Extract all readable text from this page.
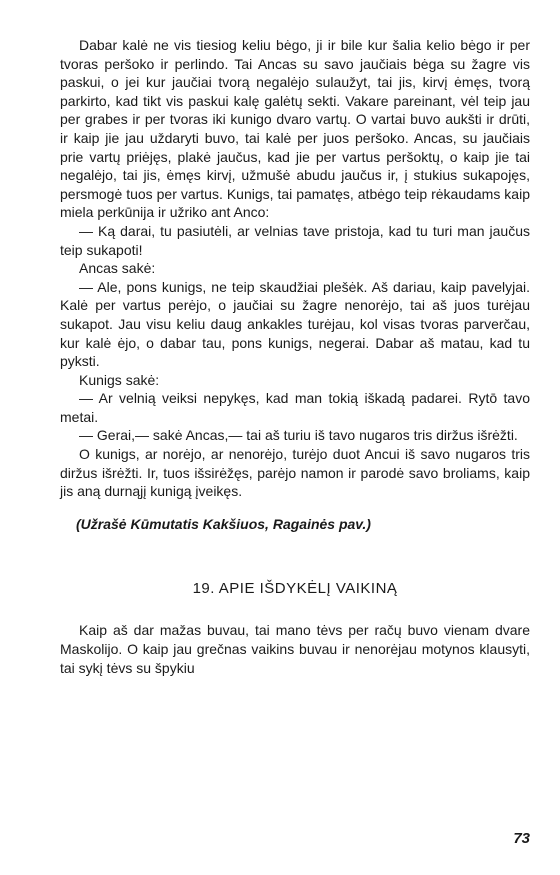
Dabar kalė ne vis tiesiog keliu bėgo, ji ir bile kur šalia kelio bėgo ir per tvoras peršoko ir perlindo. Tai Ancas su savo jaučiais bėga su žagre vis paskui, o jei kur jaučiai tvorą negalėjo sulaužyt, tai jis, kirvį ėmęs, tvorą parkirto, kad tikt vis paskui kalę galėtų sekti. Vakare pareinant, vėl teip jau per grabes ir per tvoras iki kunigo dvaro vartų. O vartai buvo aukšti ir drūti, ir kaip jie jau uždaryti buvo, tai kalė per juos peršoko. Ancas, su jaučiais prie vartų priėjęs, plakė jaučus, kad jie per vartus peršoktų, o kaip jie tai negalėjo, tai jis, ėmęs kirvį, užmušė abudu jaučus ir, į stukius sukapojęs, persmogė tuos per vartus. Kunigs, tai pamatęs, atbėgo teip rėkaudams kaip miela perkūnija ir užriko ant Anco:

— Ką darai, tu pasiutėli, ar velnias tave pristoja, kad tu turi man jaučus teip sukapoti!

Ancas sakė:

— Ale, pons kunigs, ne teip skaudžiai plešėk. Aš dariau, kaip pavelyjai. Kalė per vartus perėjo, o jaučiai su žagre nenorėjo, tai aš juos turėjau sukapot. Jau visu keliu daug ankakles turėjau, kol visas tvoras parverčau, kur kalė ėjo, o dabar tau, pons kunigs, negerai. Dabar aš matau, kad tu pyksti.

Kunigs sakė:

— Ar velnią veiksi nepykęs, kad man tokią iškadą padarei. Rytō tavo metai.

— Gerai,— sakė Ancas,— tai aš turiu iš tavo nugaros tris diržus išrėžti.

O kunigs, ar norėjo, ar nenorėjo, turėjo duot Ancui iš savo nugaros tris diržus išrėžti. Ir, tuos išsirėžęs, parėjo namon ir parodė savo broliams, kaip jis aną durnąjį kunigą įveikęs.

(Užrašė Kūmutatis Kakšiuos, Ragainės pav.)
19. APIE IŠDYKĖLĮ VAIKINĄ

Kaip aš dar mažas buvau, tai mano tėvs per račų buvo vienam dvare Maskolijo. O kaip jau grečnas vaikins buvau ir nenorėjau motynos klausyti, tai sykį tėvs su špykiu

73
